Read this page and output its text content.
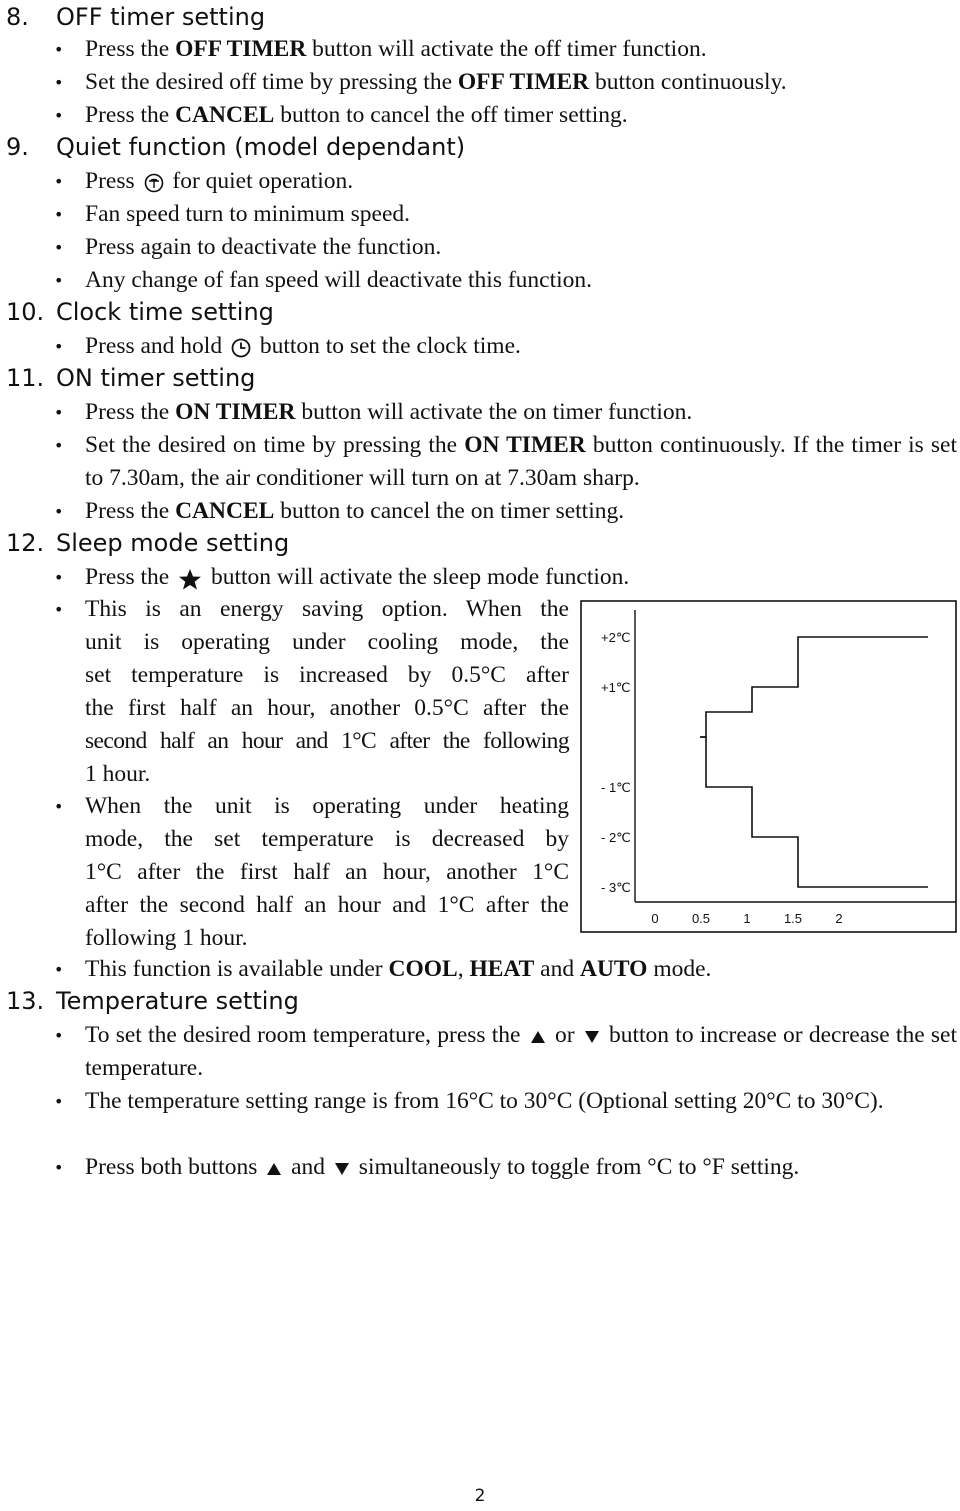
8. OFF timer setting
• Press the OFF TIMER button will activate the off timer function.
• Set the desired off time by pressing the OFF TIMER button continuously.
• Press the CANCEL button to cancel the off timer setting.
9. Quiet function (model dependant)
• Press  for quiet operation.
• Fan speed turn to minimum speed.
• Press again to deactivate the function.
• Any change of fan speed will deactivate this function.
10. Clock time setting
• Press and hold  button to set the clock time.
11. ON timer setting
• Press the ON TIMER button will activate the on timer function.
• Set the desired on time by pressing the ON TIMER button continuously. If the timer is set to 7.30am, the air conditioner will turn on at 7.30am sharp.
• Press the CANCEL button to cancel the on timer setting.
12. Sleep mode setting
• Press the  button will activate the sleep mode function.
• This is an energy saving option. When the
unit is operating under cooling mode, the
set temperature is increased by 0.5°C after
the first half an hour, another 0.5°C after the
second half an hour and 1°C after the following
1 hour.
• When the unit is operating under heating
mode, the set temperature is decreased by
1°C after the first half an hour, another 1°C
after the second half an hour and 1°C after the
following 1 hour.
+2℃
+1℃
- 1℃
- 2℃
- 3℃
0	0.5	1	1.5	2
• This function is available under COOL, HEAT and AUTO mode.
13. Temperature setting
• To set the desired room temperature, press the  or  button to increase or decrease the set temperature.
• The temperature setting range is from 16°C to 30°C (Optional setting 20°C to 30°C).
• Press both buttons  and  simultaneously to toggle from °C to °F setting.
2
